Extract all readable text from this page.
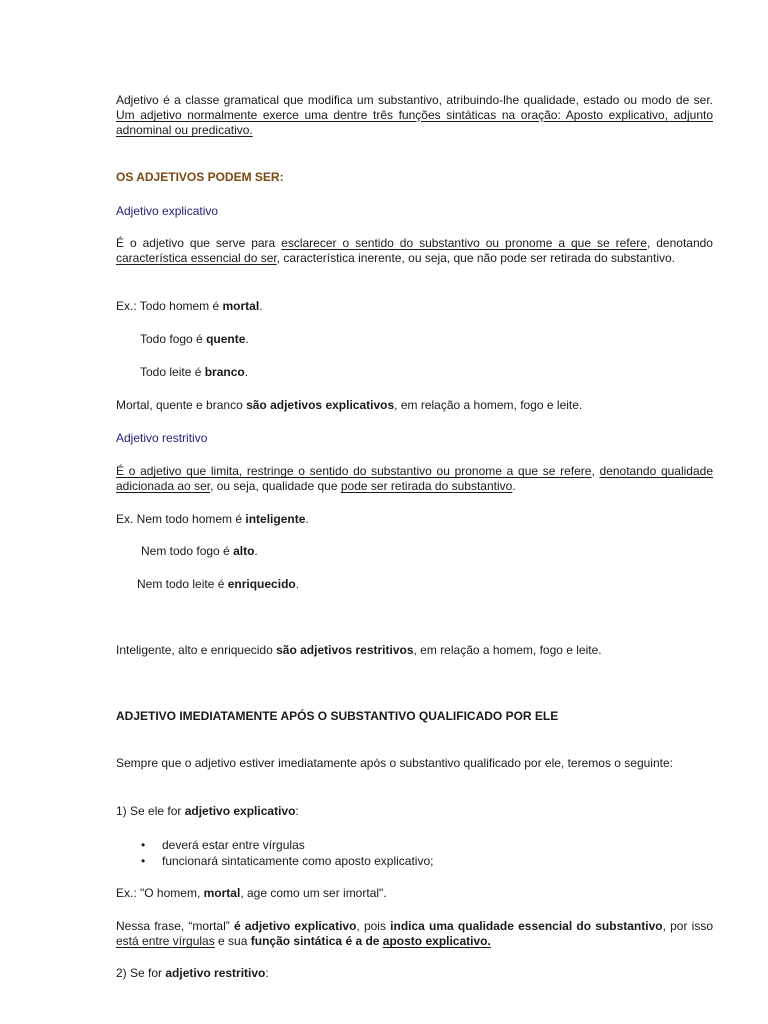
Adjetivo é a classe gramatical que modifica um substantivo, atribuindo-lhe qualidade, estado ou modo de ser. Um adjetivo normalmente exerce uma dentre três funções sintáticas na oração: Aposto explicativo, adjunto adnominal ou predicativo.

OS ADJETIVOS PODEM SER:

Adjetivo explicativo

É o adjetivo que serve para esclarecer o sentido do substantivo ou pronome a que se refere, denotando característica essencial do ser, característica inerente, ou seja, que não pode ser retirada do substantivo.

Ex.: Todo homem é mortal.

Todo fogo é quente.

Todo leite é branco.

Mortal, quente e branco são adjetivos explicativos, em relação a homem, fogo e leite.

Adjetivo restritivo

É o adjetivo que limita, restringe o sentido do substantivo ou pronome a que se refere, denotando qualidade adicionada ao ser, ou seja, qualidade que pode ser retirada do substantivo.

Ex. Nem todo homem é inteligente.

Nem todo fogo é alto.

Nem todo leite é enriquecido.

Inteligente, alto e enriquecido são adjetivos restritivos, em relação a homem, fogo e leite.

ADJETIVO IMEDIATAMENTE APÓS O SUBSTANTIVO QUALIFICADO POR ELE

Sempre que o adjetivo estiver imediatamente após o substantivo qualificado por ele, teremos o seguinte:

1) Se ele for adjetivo explicativo:

• deverá estar entre vírgulas
• funcionará sintaticamente como aposto explicativo;

Ex.: "O homem, mortal, age como um ser imortal".

Nessa frase, “mortal” é adjetivo explicativo, pois indica uma qualidade essencial do substantivo, por isso está entre vírgulas e sua função sintática é a de aposto explicativo.

2) Se for adjetivo restritivo:
